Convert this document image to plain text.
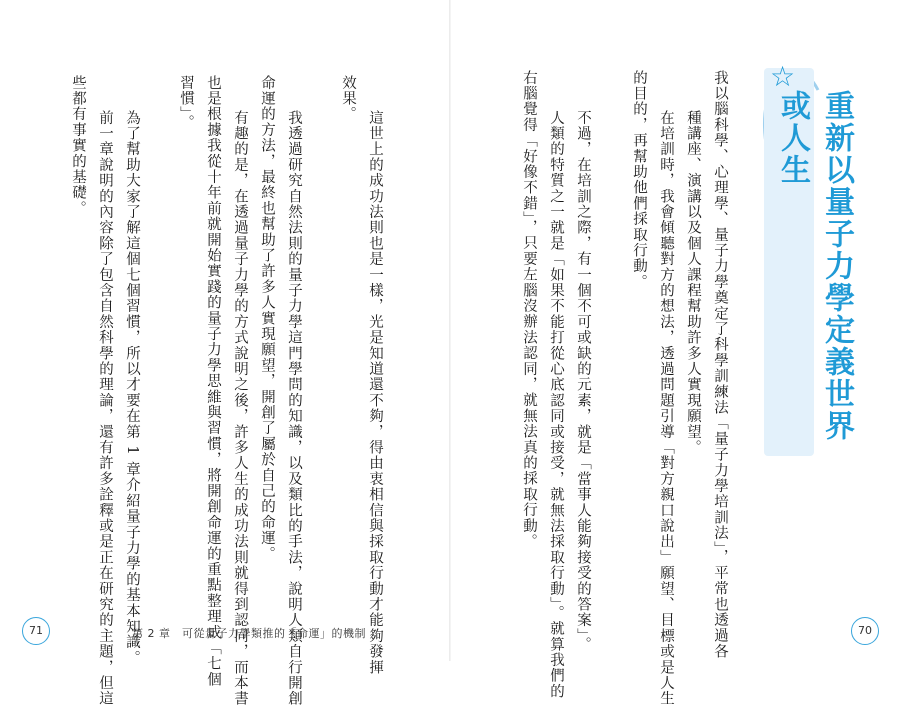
☆
重新以量子力學定義世界或人生
我以腦科學、心理學、量子力學奠定了科學訓練法「量子力學培訓法」，平常也透過各
種講座、演講以及個人課程幫助許多人實現願望。
在培訓時，我會傾聽對方的想法，透過問題引導「對方親口說出」願望、目標或是人生
的目的，再幫助他們採取行動。
不過，在培訓之際，有一個不可或缺的元素，就是「當事人能夠接受的答案」。
人類的特質之一就是「如果不能打從心底認同或接受，就無法採取行動」。就算我們的
右腦覺得「好像不錯」，只要左腦沒辦法認同，就無法真的採取行動。
70
這世上的成功法則也是一樣，光是知道還不夠，得由衷相信與採取行動才能夠發揮
效果。
我透過研究自然法則的量子力學這門學問的知識，以及類比的手法，說明人類自行開創
命運的方法，最終也幫助了許多人實現願望，開創了屬於自己的命運。
有趣的是，在透過量子力學的方式說明之後，許多人生的成功法則就得到認同，而本書
也是根據我從十年前就開始實踐的量子力學思維與習慣，將開創命運的重點整理成「七個
習慣」。
為了幫助大家了解這個七個習慣，所以才要在第 1 章介紹量子力學的基本知識。
前一章說明的內容除了包含自然科學的理論，還有許多詮釋或是正在研究的主題，但這
些都有事實的基礎。
71	第 2 章　可從量子力學類推的「命運」的機制
